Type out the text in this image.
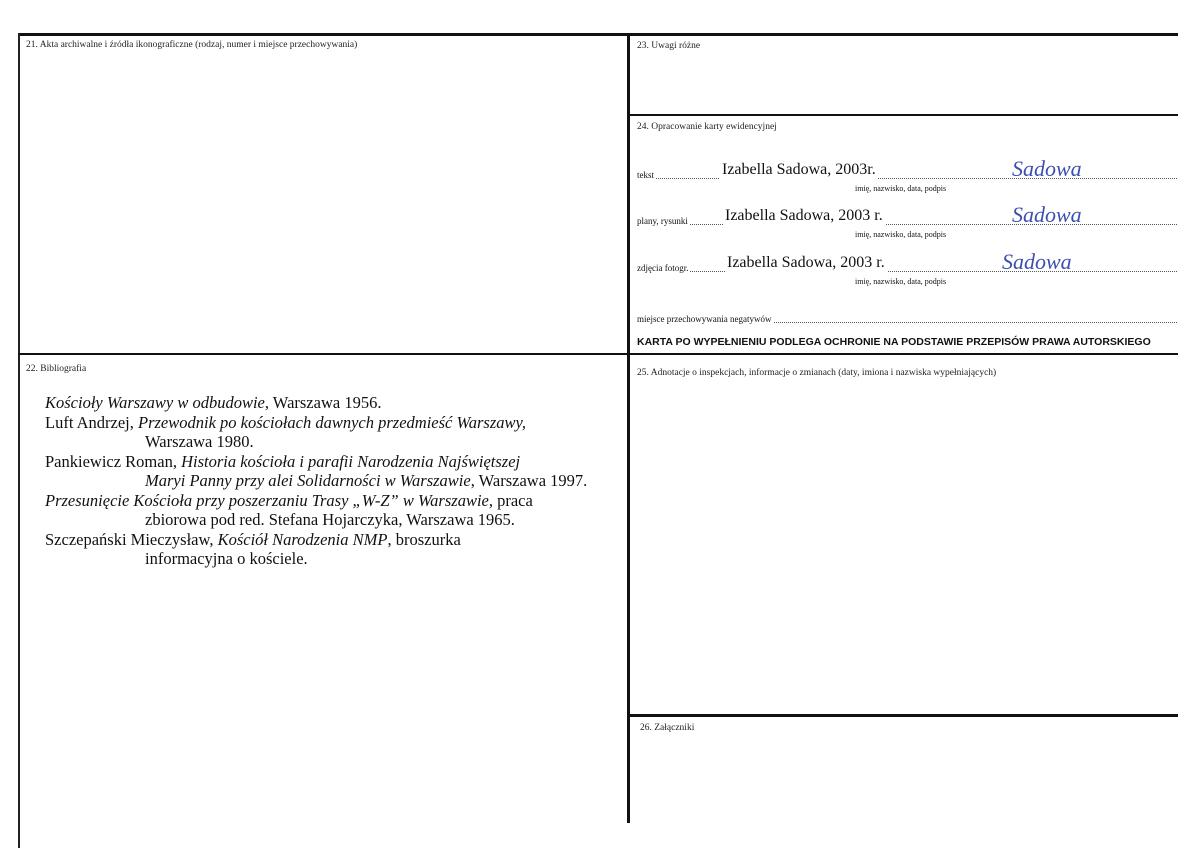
21. Akta archiwalne i źródła ikonograficzne (rodzaj, numer i miejsce przechowywania)
22. Bibliografia
23. Uwagi różne
24. Opracowanie karty ewidencyjnej
25. Adnotacje o inspekcjach, informacje o zmianach (daty, imiona i nazwiska wypełniających)
26. Załączniki

Kościoły Warszawy w odbudowie, Warszawa 1956.

Luft Andrzej, Przewodnik po kościołach dawnych przedmieść Warszawy,
Warszawa 1980.

Pankiewicz Roman, Historia kościoła i parafii Narodzenia Najświętszej
Maryi Panny przy alei Solidarności w Warszawie, Warszawa 1997.

Przesunięcie Kościoła przy poszerzaniu Trasy „W-Z” w Warszawie, praca
zbiorowa pod red. Stefana Hojarczyka, Warszawa 1965.

Szczepański Mieczysław, Kościół Narodzenia NMP, broszurka
informacyjna o kościele.

tekst	Izabella Sadowa, 2003r.
imię, nazwisko, data, podpis
Sadowa
plany, rysunki Izabella Sadowa, 2003 r.
imię, nazwisko, data, podpis
Sadowa
zdjęcia fotogr. Izabella Sadowa, 2003 r.
imię, nazwisko, data, podpis
Sadowa
miejsce przechowywania negatywów
KARTA PO WYPEŁNIENIU PODLEGA OCHRONIE NA PODSTAWIE PRZEPISÓW PRAWA AUTORSKIEGO
